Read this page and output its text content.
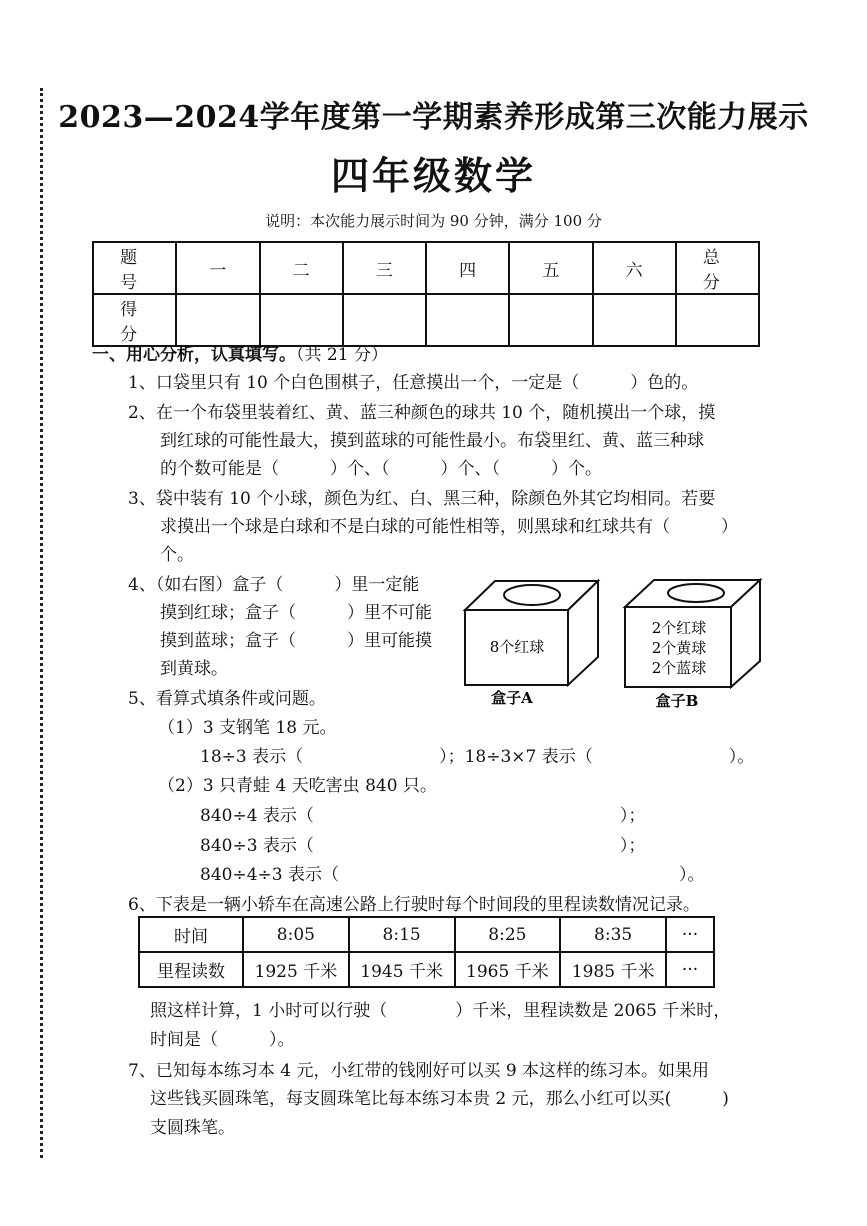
2023—2024学年度第一学期素养形成第三次能力展示
四年级数学
说明：本次能力展示时间为 90 分钟，满分 100 分
题　号	一	二	三	四	五	六	总　分
得　分							
一、用心分析，认真填写。（共 21 分）
1、口袋里只有 10 个白色围棋子，任意摸出一个，一定是（　　　）色的。
2、在一个布袋里装着红、黄、蓝三种颜色的球共 10 个，随机摸出一个球，摸
到红球的可能性最大，摸到蓝球的可能性最小。布袋里红、黄、蓝三种球
的个数可能是（　　　）个、（　　　）个、（　　　）个。
3、袋中装有 10 个小球，颜色为红、白、黑三种，除颜色外其它均相同。若要
求摸出一个球是白球和不是白球的可能性相等，则黑球和红球共有（　　　）
个。
4、（如右图）盒子（　　　）里一定能
摸到红球；盒子（　　　）里不可能
摸到蓝球；盒子（　　　）里可能摸
到黄球。
8个红球
盒子A
2个红球
2个黄球
2个蓝球
盒子B
5、看算式填条件或问题。
（1）3 支钢笔 18 元。
18÷3 表示（　　　　　　　　）；18÷3×7 表示（　　　　　　　　）。
（2）3 只青蛙 4 天吃害虫 840 只。
840÷4 表示（　　　　　　　　　　　　　　　　　　）；
840÷3 表示（　　　　　　　　　　　　　　　　　　）；
840÷4÷3 表示（　　　　　　　　　　　　　　　　　　　　）。
6、下表是一辆小轿车在高速公路上行驶时每个时间段的里程读数情况记录。
时间	8:05	8:15	8:25	8:35	···
里程读数	1925 千米	1945 千米	1965 千米	1985 千米	···
照这样计算，1 小时可以行驶（　　　　）千米，里程读数是 2065 千米时，
时间是（　　　）。
7、已知每本练习本 4 元，小红带的钱刚好可以买 9 本这样的练习本。如果用
这些钱买圆珠笔，每支圆珠笔比每本练习本贵 2 元，那么小红可以买(　　　)
支圆珠笔。
